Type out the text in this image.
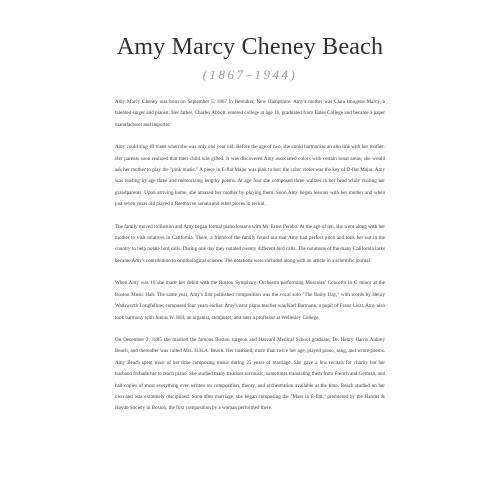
Amy Marcy Cheney Beach
(1867–1944)

Amy Marcy Cheney was born on September 5, 1867 in Henniker, New Hampshire. Amy's mother was Clara Imogene Marcy, a talented singer and pianist. Her father, Charles Abbott, entered college at age 16, graduated from Bates College and became a paper manufacturer and importer.

Amy could sing 40 tunes when she was only one year old. Before the age of two, she could harmonize an alto line with her mother. Her parents soon realized that their child was gifted. It was discovered Amy associated colors with certain tonal areas; she would ask her mother to play the "pink music." A piece in E-flat Major was pink to her; the color violet was the key of D-flat Major. Amy was reading by age three and memorizing lengthy poems. At age four she composed three waltzes in her head while visiting her grandparents. Upon arriving home, she amazed her mother by playing them. Soon Amy began lessons with her mother and when just seven years old played a Beethoven sonata and other pieces in recital.

The family moved to Boston and Amy began formal piano lessons with Mr. Ernst Perabo. At the age of ten, she went along with her mother to visit relatives in California. There, a friend of the family found out that Amy had perfect pitch and took her out in the country to help notate bird calls. During one day they notated twenty different bird calls. The notations of the many California larks became Amy's contribution to ornithological science. The notations were included along with an article in a scientific journal.

When Amy was 16 she made her debut with the Boston Symphony Orchestra performing Moscoles' Concerto in G minor at the Boston Music Hall. The same year, Amy's first published composition was the vocal solo "The Rainy Day," with words by Henry Wadsworth Longfellow, composed four years earlier. Amy's next piano teacher was Karl Barmann, a pupil of Franz Liszt. Amy also took harmony with Junius W. Hill, an organist, composer, and later a professor at Wellesley College.

On December 2, 1885 she married the famous Boston surgeon and Harvard Medical School graduate, Dr. Henry Harris Aubrey Beach, and thereafter was called Mrs. H.H.A. Beach. Her husband, more than twice her age, played piano, sang, and wrote poems. Amy Beach spent most of her time composing music during 25 years of marriage. She gave a few recitals for charity but her husband forbade her to teach piano. She studied many treatises on music, sometimes translating them from French and German, and had copies of most everything ever written on composition, theory, and orchestration available at the time. Beach studied on her own and was extremely disciplined. Soon after marriage, she began composing the "Mass in E-flat," premiered by the Handel & Haydn Society in Boston, the first composition by a woman performed there.
